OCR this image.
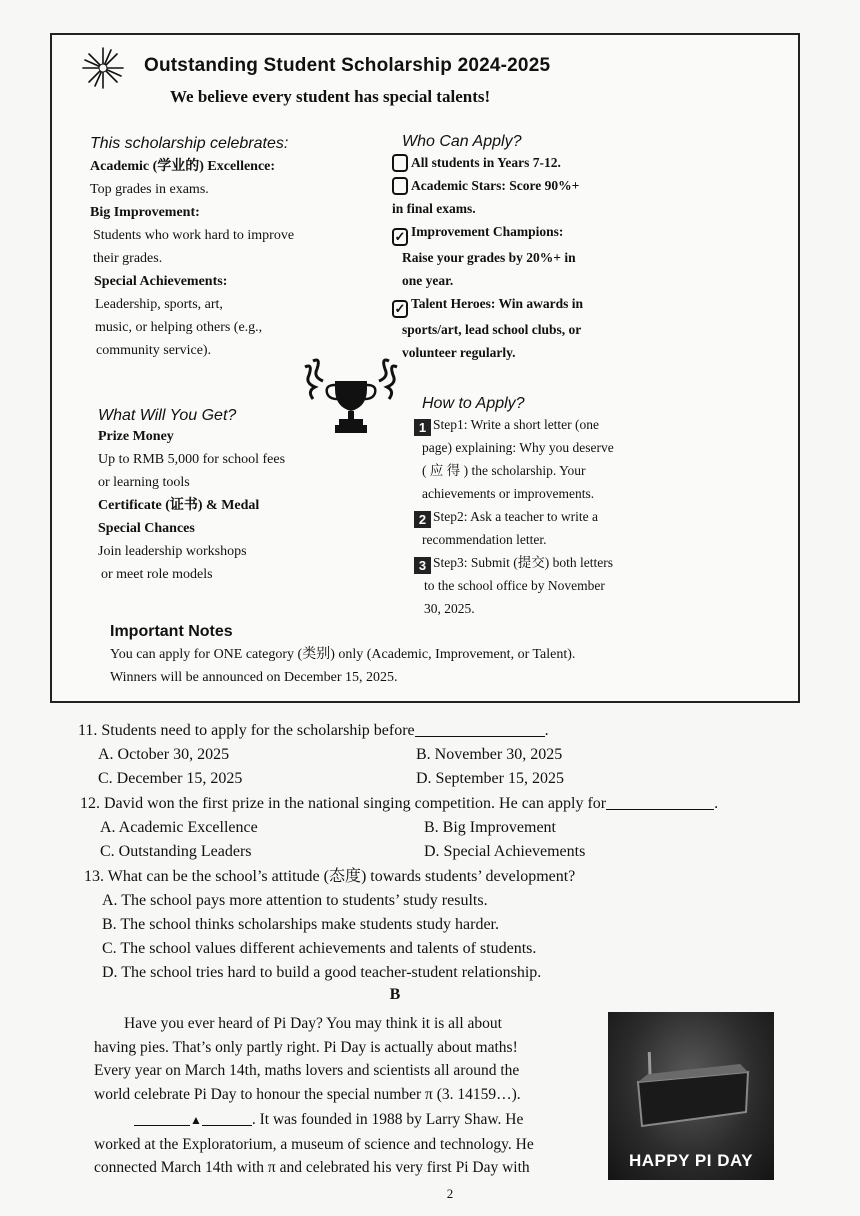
Outstanding Student Scholarship 2024-2025
We believe every student has special talents!
This scholarship celebrates:
Academic (学业的) Excellence:
Top grades in exams.
Big Improvement:
Students who work hard to improve
their grades.
Special Achievements:
Leadership, sports, art,
music, or helping others (e.g.,
community service).
Who Can Apply?
All students in Years 7-12.
Academic Stars: Score 90%+
in final exams.
✓ Improvement Champions:
Raise your grades by 20%+ in
one year.
✓ Talent Heroes: Win awards in
sports/art, lead school clubs, or
volunteer regularly.
What Will You Get?
Prize Money
Up to RMB 5,000 for school fees
or learning tools
Certificate (证书) & Medal
Special Chances
Join leadership workshops
or meet role models
How to Apply?
1 Step1: Write a short letter (one
page) explaining: Why you deserve
( 应 得 ) the scholarship. Your
achievements or improvements.
2 Step2: Ask a teacher to write a
recommendation letter.
3 Step3: Submit (提交) both letters
to the school office by November
30, 2025.
Important Notes
You can apply for ONE category (类别) only (Academic, Improvement, or Talent).
Winners will be announced on December 15, 2025.
11. Students need to apply for the scholarship before	.
A. October 30, 2025	B. November 30, 2025
C. December 15, 2025	D. September 15, 2025
12. David won the first prize in the national singing competition. He can apply for	.
A. Academic Excellence	B. Big Improvement
C. Outstanding Leaders	D. Special Achievements
13. What can be the school’s attitude (态度) towards students’ development?
A. The school pays more attention to students’ study results.
B. The school thinks scholarships make students study harder.
C. The school values different achievements and talents of students.
D. The school tries hard to build a good teacher-student relationship.
B
Have you ever heard of Pi Day? You may think it is all about
having pies. That’s only partly right. Pi Day is actually about maths!
Every year on March 14th, maths lovers and scientists all around the
world celebrate Pi Day to honour the special number π (3. 14159…).
▲	. It was founded in 1988 by Larry Shaw. He
worked at the Exploratorium, a museum of science and technology. He
connected March 14th with π and celebrated his very first Pi Day with	HAPPY PI DAY
2
